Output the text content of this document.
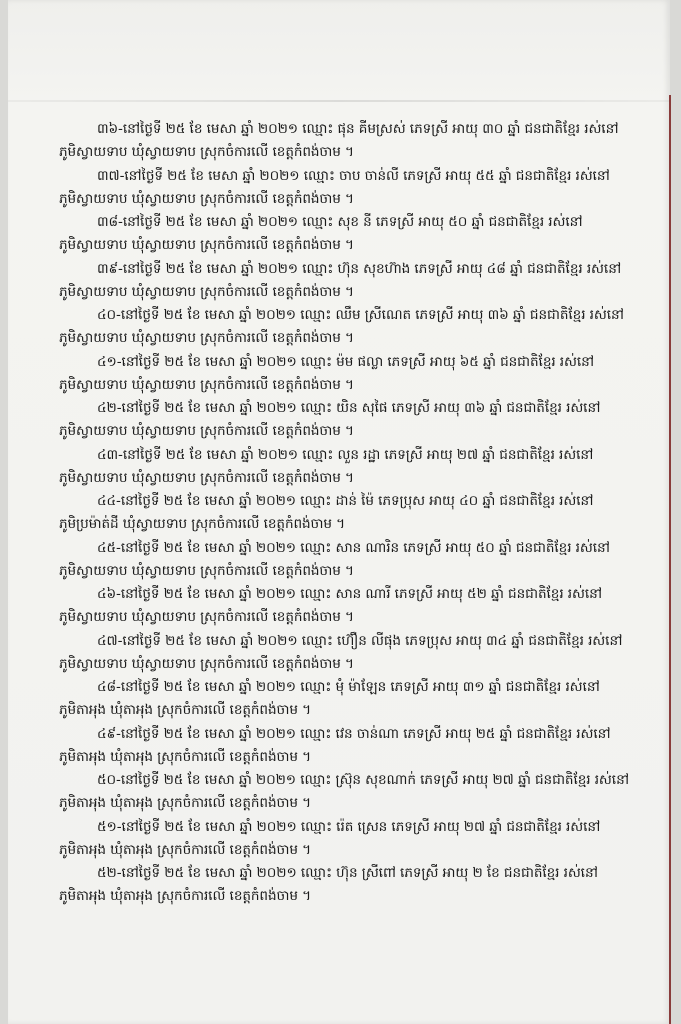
៣៦-នៅថ្ងៃទី ២៥ ខែ មេសា ឆ្នាំ ២០២១ ឈ្មោះ ផុន គីមស្រស់ ភេទស្រី អាយុ ៣០ ឆ្នាំ ជនជាតិខ្មែរ រស់នៅ
ភូមិស្វាយទាប ឃុំស្វាយទាប ស្រុកចំការលើ ខេត្តកំពង់ចាម ។
៣៧-នៅថ្ងៃទី ២៥ ខែ មេសា ឆ្នាំ ២០២១ ឈ្មោះ ចាប ចាន់លី ភេទស្រី អាយុ ៥៥ ឆ្នាំ ជនជាតិខ្មែរ រស់នៅ
ភូមិស្វាយទាប ឃុំស្វាយទាប ស្រុកចំការលើ ខេត្តកំពង់ចាម ។
៣៨-នៅថ្ងៃទី ២៥ ខែ មេសា ឆ្នាំ ២០២១ ឈ្មោះ សុខ នី ភេទស្រី អាយុ ៥០ ឆ្នាំ ជនជាតិខ្មែរ រស់នៅ
ភូមិស្វាយទាប ឃុំស្វាយទាប ស្រុកចំការលើ ខេត្តកំពង់ចាម ។
៣៩-នៅថ្ងៃទី ២៥ ខែ មេសា ឆ្នាំ ២០២១ ឈ្មោះ ហ៊ុន សុខហ៊ាង ភេទស្រី អាយុ ៤៨ ឆ្នាំ ជនជាតិខ្មែរ រស់នៅ
ភូមិស្វាយទាប ឃុំស្វាយទាប ស្រុកចំការលើ ខេត្តកំពង់ចាម ។
៤០-នៅថ្ងៃទី ២៥ ខែ មេសា ឆ្នាំ ២០២១ ឈ្មោះ ឈឹម ស្រីណេត ភេទស្រី អាយុ ៣៦ ឆ្នាំ ជនជាតិខ្មែរ រស់នៅ
ភូមិស្វាយទាប ឃុំស្វាយទាប ស្រុកចំការលើ ខេត្តកំពង់ចាម ។
៤១-នៅថ្ងៃទី ២៥ ខែ មេសា ឆ្នាំ ២០២១ ឈ្មោះ ម៉ម ផល្លា ភេទស្រី អាយុ ៦៥ ឆ្នាំ ជនជាតិខ្មែរ រស់នៅ
ភូមិស្វាយទាប ឃុំស្វាយទាប ស្រុកចំការលើ ខេត្តកំពង់ចាម ។
៤២-នៅថ្ងៃទី ២៥ ខែ មេសា ឆ្នាំ ២០២១ ឈ្មោះ យិន សុផៃ ភេទស្រី អាយុ ៣៦ ឆ្នាំ ជនជាតិខ្មែរ រស់នៅ
ភូមិស្វាយទាប ឃុំស្វាយទាប ស្រុកចំការលើ ខេត្តកំពង់ចាម ។
៤៣-នៅថ្ងៃទី ២៥ ខែ មេសា ឆ្នាំ ២០២១ ឈ្មោះ លួន រដ្ឋា ភេទស្រី អាយុ ២៧ ឆ្នាំ ជនជាតិខ្មែរ រស់នៅ
ភូមិស្វាយទាប ឃុំស្វាយទាប ស្រុកចំការលើ ខេត្តកំពង់ចាម ។
៤៤-នៅថ្ងៃទី ២៥ ខែ មេសា ឆ្នាំ ២០២១ ឈ្មោះ ដាន់ ម៉ៃ ភេទប្រុស អាយុ ៤០ ឆ្នាំ ជនជាតិខ្មែរ រស់នៅ
ភូមិប្រម៉ាត់ដី ឃុំស្វាយទាប ស្រុកចំការលើ ខេត្តកំពង់ចាម ។
៤៥-នៅថ្ងៃទី ២៥ ខែ មេសា ឆ្នាំ ២០២១ ឈ្មោះ សាន ណារិន ភេទស្រី អាយុ ៥០ ឆ្នាំ ជនជាតិខ្មែរ រស់នៅ
ភូមិស្វាយទាប ឃុំស្វាយទាប ស្រុកចំការលើ ខេត្តកំពង់ចាម ។
៤៦-នៅថ្ងៃទី ២៥ ខែ មេសា ឆ្នាំ ២០២១ ឈ្មោះ សាន ណារី ភេទស្រី អាយុ ៥២ ឆ្នាំ ជនជាតិខ្មែរ រស់នៅ
ភូមិស្វាយទាប ឃុំស្វាយទាប ស្រុកចំការលើ ខេត្តកំពង់ចាម ។
៤៧-នៅថ្ងៃទី ២៥ ខែ មេសា ឆ្នាំ ២០២១ ឈ្មោះ ហ៊ឿន លីផុង ភេទប្រុស អាយុ ៣៤ ឆ្នាំ ជនជាតិខ្មែរ រស់នៅ
ភូមិស្វាយទាប ឃុំស្វាយទាប ស្រុកចំការលើ ខេត្តកំពង់ចាម ។
៤៨-នៅថ្ងៃទី ២៥ ខែ មេសា ឆ្នាំ ២០២១ ឈ្មោះ មុំ ម៉ាឡែន ភេទស្រី អាយុ ៣១ ឆ្នាំ ជនជាតិខ្មែរ រស់នៅ
ភូមិតាអុង ឃុំតាអុង ស្រុកចំការលើ ខេត្តកំពង់ចាម ។
៤៩-នៅថ្ងៃទី ២៥ ខែ មេសា ឆ្នាំ ២០២១ ឈ្មោះ វេន ចាន់ណា ភេទស្រី អាយុ ២៥ ឆ្នាំ ជនជាតិខ្មែរ រស់នៅ
ភូមិតាអុង ឃុំតាអុង ស្រុកចំការលើ ខេត្តកំពង់ចាម ។
៥០-នៅថ្ងៃទី ២៥ ខែ មេសា ឆ្នាំ ២០២១ ឈ្មោះ ស្រ៊ុន សុខណាក់ ភេទស្រី អាយុ ២៧ ឆ្នាំ ជនជាតិខ្មែរ រស់នៅ
ភូមិតាអុង ឃុំតាអុង ស្រុកចំការលើ ខេត្តកំពង់ចាម ។
៥១-នៅថ្ងៃទី ២៥ ខែ មេសា ឆ្នាំ ២០២១ ឈ្មោះ រ៉េត ស្រេន ភេទស្រី អាយុ ២៧ ឆ្នាំ ជនជាតិខ្មែរ រស់នៅ
ភូមិតាអុង ឃុំតាអុង ស្រុកចំការលើ ខេត្តកំពង់ចាម ។
៥២-នៅថ្ងៃទី ២៥ ខែ មេសា ឆ្នាំ ២០២១ ឈ្មោះ ហ៊ុន ស្រីពៅ ភេទស្រី អាយុ ២ ខែ ជនជាតិខ្មែរ រស់នៅ
ភូមិតាអុង ឃុំតាអុង ស្រុកចំការលើ ខេត្តកំពង់ចាម ។
